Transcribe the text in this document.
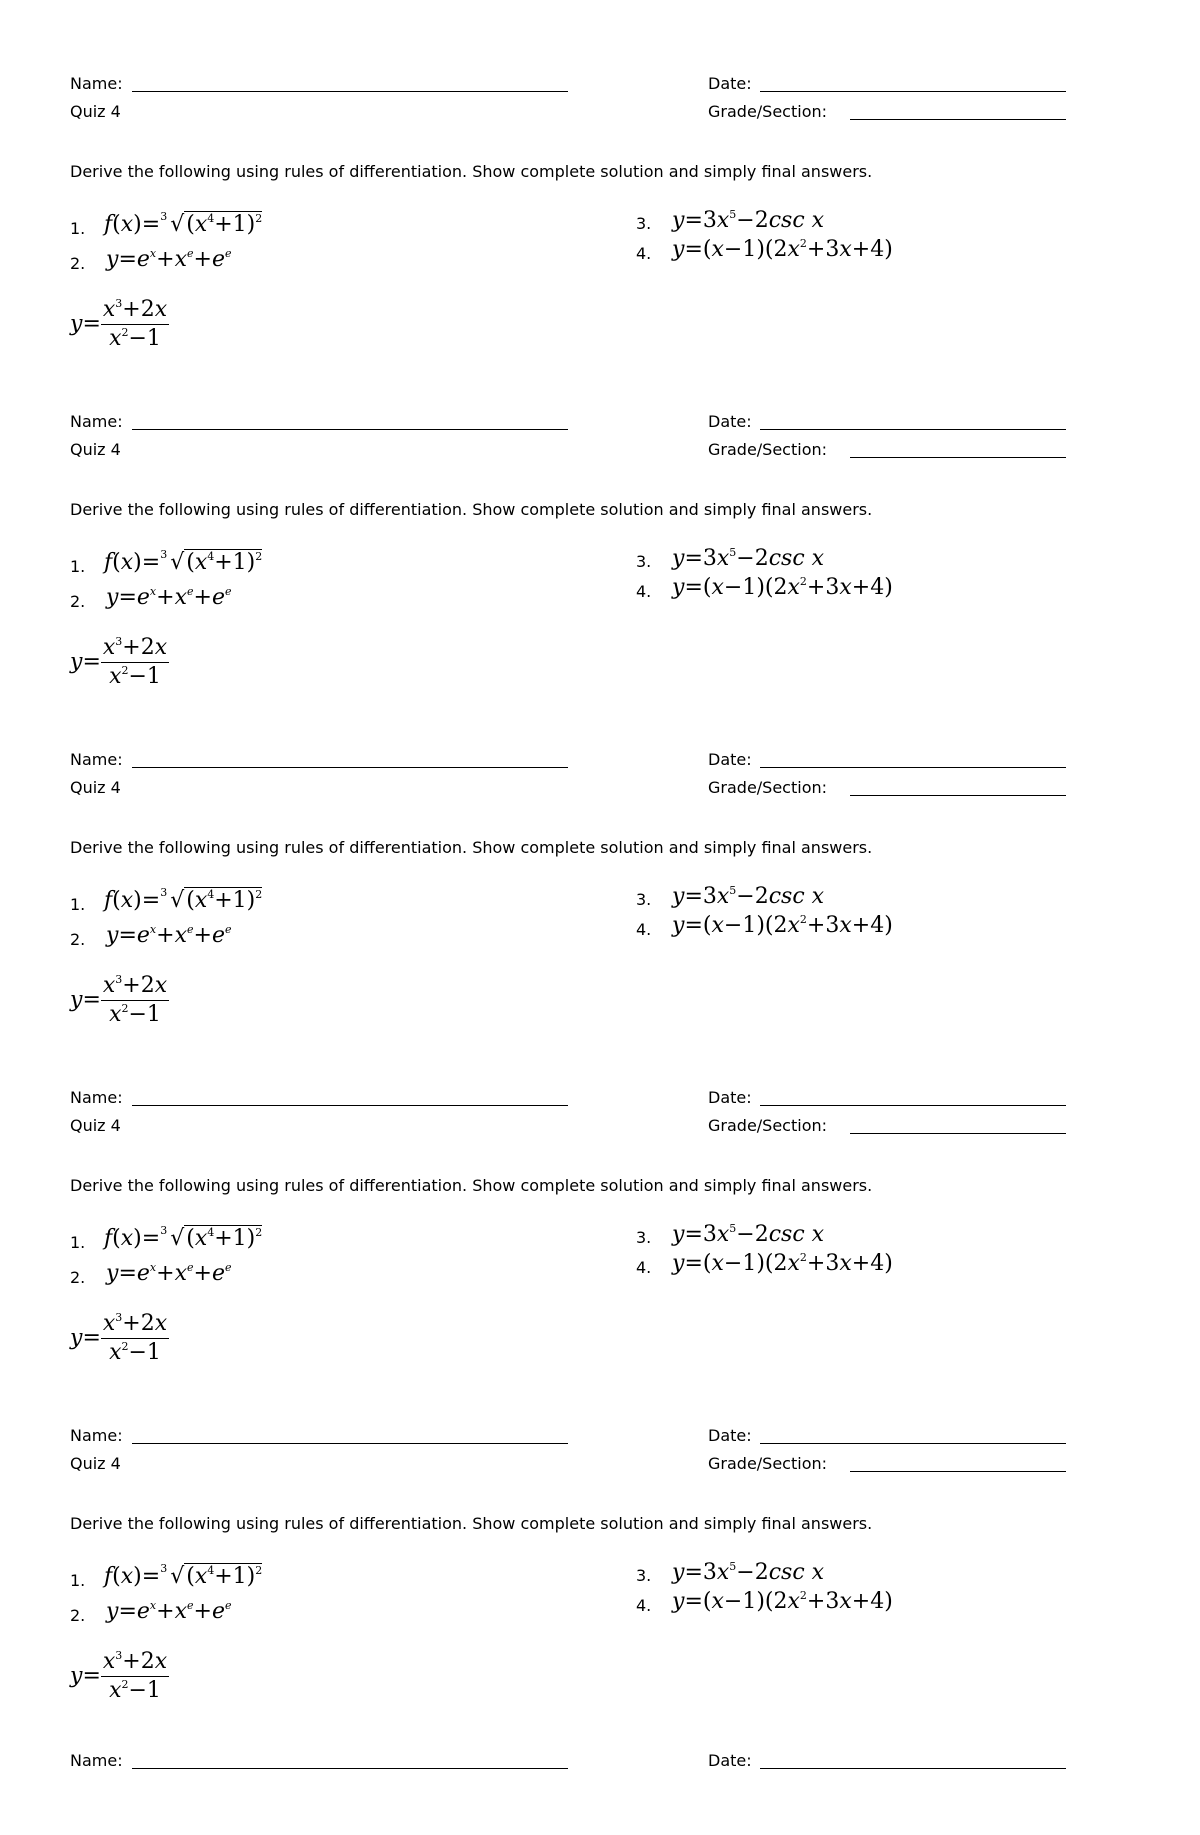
Name:	Date:
Quiz 4	Grade/Section:
Derive the following using rules of differentiation. Show complete solution and simply final answers.
1. f(x)= 3 $√(x^4+1)^2$
2. $y=e^x+x^e+e^e$
3. $y=3x^5-2\csc$ x
4. $y=(x-1)(2x^2+3x+4)$
$y= \frac{x^3+2x}{x^2-1}$
Name:	Date:
Quiz 4	Grade/Section:
Derive the following using rules of differentiation. Show complete solution and simply final answers.
1. f(x)= 3 $√(x^4+1)^2$
2. $y=e^x+x^e+e^e$
3. $y=3x^5-2\csc$ x
4. $y=(x-1)(2x^2+3x+4)$
$y= \frac{x^3+2x}{x^2-1}$
Name:	Date:
Quiz 4	Grade/Section:
Derive the following using rules of differentiation. Show complete solution and simply final answers.
1. f(x)= 3 $√(x^4+1)^2$
2. $y=e^x+x^e+e^e$
3. $y=3x^5-2\csc$ x
4. $y=(x-1)(2x^2+3x+4)$
$y= \frac{x^3+2x}{x^2-1}$
Name:	Date:
Quiz 4	Grade/Section:
Derive the following using rules of differentiation. Show complete solution and simply final answers.
1. f(x)= 3 $√(x^4+1)^2$
2. $y=e^x+x^e+e^e$
3. $y=3x^5-2\csc$ x
4. $y=(x-1)(2x^2+3x+4)$
$y= \frac{x^3+2x}{x^2-1}$
Name:	Date:
Quiz 4	Grade/Section:
Derive the following using rules of differentiation. Show complete solution and simply final answers.
1. f(x)= 3 $√(x^4+1)^2$
2. $y=e^x+x^e+e^e$
3. $y=3x^5-2\csc$ x
4. $y=(x-1)(2x^2+3x+4)$
$y= \frac{x^3+2x}{x^2-1}$
Name:	Date:
